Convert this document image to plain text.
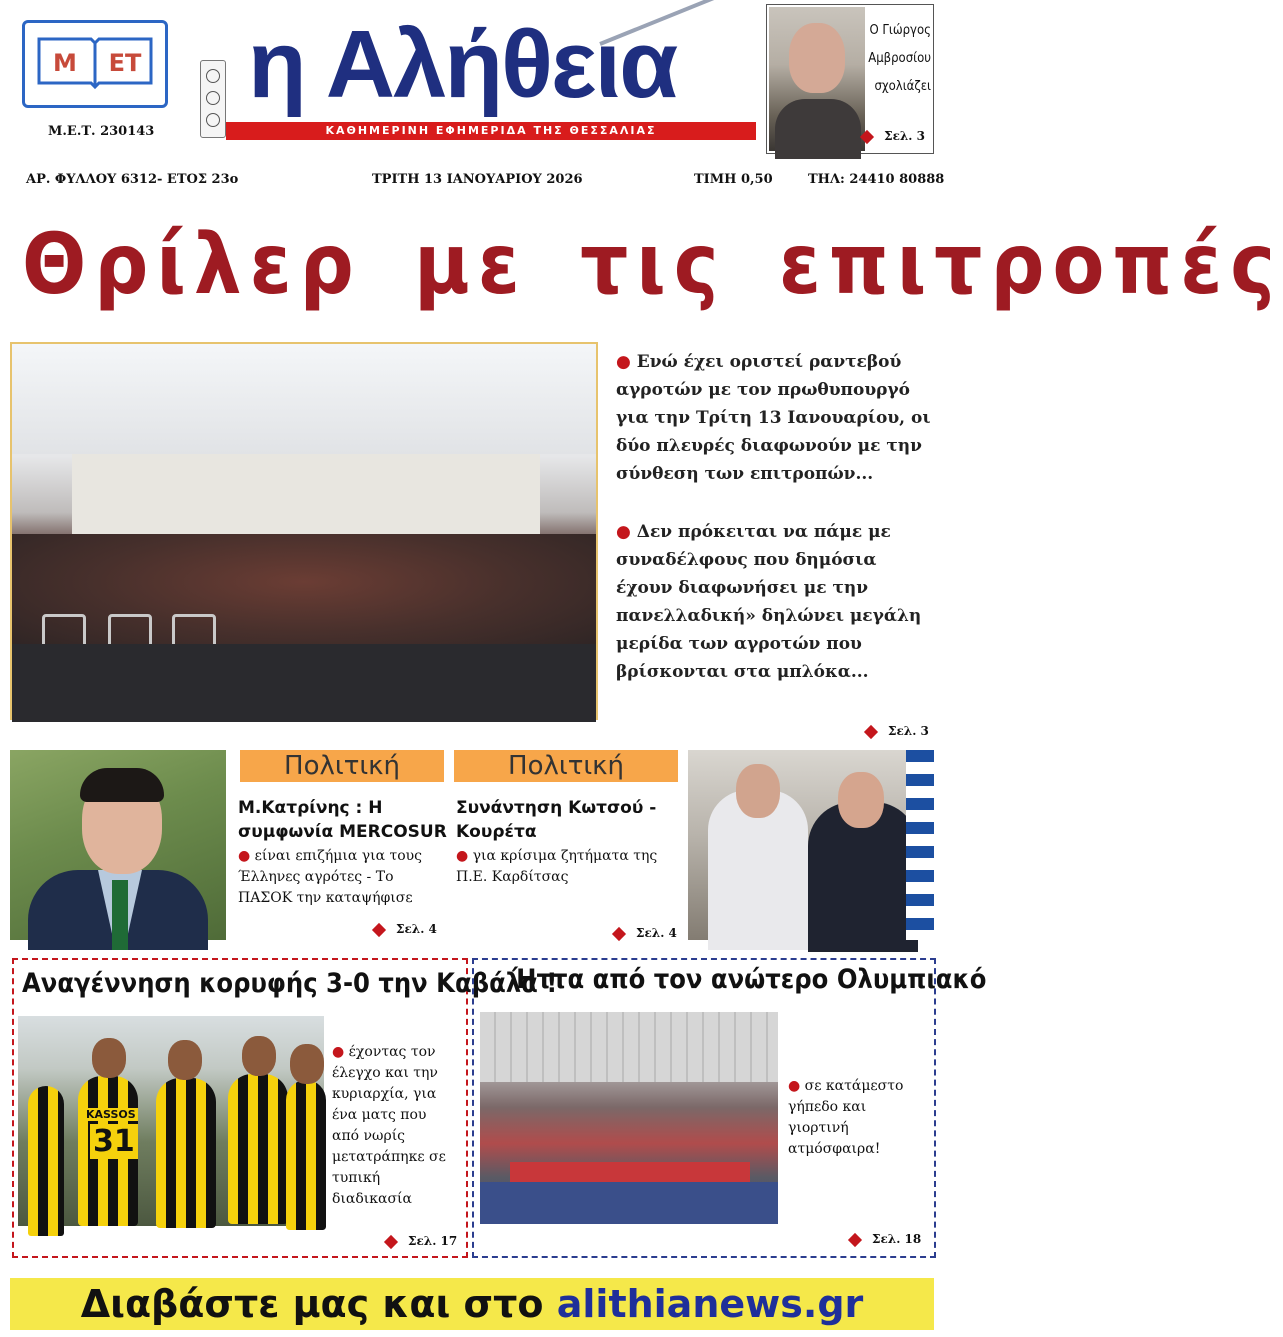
Μ ΕΤ
Μ.Ε.Τ. 230143
η Αλήθεια
ΚΑΘΗΜΕΡΙΝΗ ΕΦΗΜΕΡΙΔΑ ΤΗΣ ΘΕΣΣΑΛΙΑΣ
Ο Γιώργος
Αμβροσίου
σχολιάζει
Σελ. 3
ΑΡ. ΦΥΛΛΟΥ 6312- ΕΤΟΣ 23ο	ΤΡΙΤΗ 13 ΙΑΝΟΥΑΡΙΟΥ 2026	ΤΙΜΗ 0,50	ΤΗΛ: 24410 80888
Θρίλερ με τις επιτροπές
● Ενώ έχει οριστεί ραντεβού αγροτών με τον πρωθυπουργό για την Τρίτη 13 Ιανουαρίου, οι δύο πλευρές διαφωνούν με την σύνθεση των επιτροπών...
● Δεν πρόκειται να πάμε με συναδέλφους που δημόσια έχουν διαφωνήσει με την πανελλαδική» δηλώνει μεγάλη μερίδα των αγροτών που βρίσκονται στα μπλόκα...
Σελ. 3
Πολιτική
Μ.Κατρίνης : Η συμφωνία MERCOSUR
● είναι επιζήμια για τους Έλληνες αγρότες - Το ΠΑΣΟΚ την καταψήφισε
Σελ. 4
Πολιτική
Συνάντηση Κωτσού - Κουρέτα
● για κρίσιμα ζητήματα της Π.Ε. Καρδίτσας
Σελ. 4
Αναγέννηση κορυφής 3-0 την Καβάλα !
KASSOS
31
● έχοντας τον έλεγχο και την κυριαρχία, για ένα ματς που από νωρίς μετατράπηκε σε τυπική διαδικασία
Σελ. 17
Ήττα από τον ανώτερο Ολυμπιακό
● σε κατάμεστο γήπεδο και γιορτινή ατμόσφαιρα!
Σελ. 18
Διαβάστε μας και στο alithianews.gr
